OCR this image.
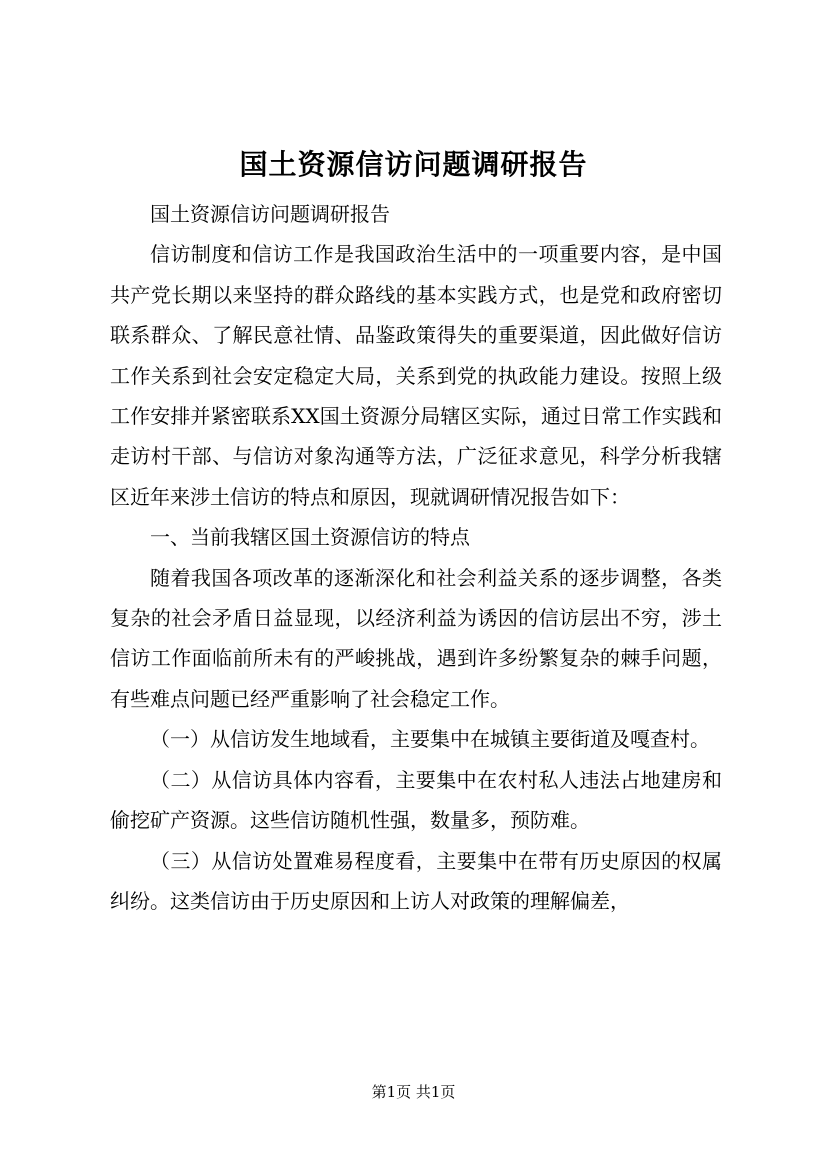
国土资源信访问题调研报告

国土资源信访问题调研报告

信访制度和信访工作是我国政治生活中的一项重要内容，是中国共产党长期以来坚持的群众路线的基本实践方式，也是党和政府密切联系群众、了解民意社情、品鉴政策得失的重要渠道，因此做好信访工作关系到社会安定稳定大局，关系到党的执政能力建设。按照上级工作安排并紧密联系XX国土资源分局辖区实际，通过日常工作实践和走访村干部、与信访对象沟通等方法，广泛征求意见，科学分析我辖区近年来涉土信访的特点和原因，现就调研情况报告如下：

一、当前我辖区国土资源信访的特点

随着我国各项改革的逐渐深化和社会利益关系的逐步调整，各类复杂的社会矛盾日益显现，以经济利益为诱因的信访层出不穷，涉土信访工作面临前所未有的严峻挑战，遇到许多纷繁复杂的棘手问题，有些难点问题已经严重影响了社会稳定工作。

（一）从信访发生地域看，主要集中在城镇主要街道及嘎查村。

（二）从信访具体内容看，主要集中在农村私人违法占地建房和偷挖矿产资源。这些信访随机性强，数量多，预防难。

（三）从信访处置难易程度看，主要集中在带有历史原因的权属纠纷。这类信访由于历史原因和上访人对政策的理解偏差，

第1页 共1页
